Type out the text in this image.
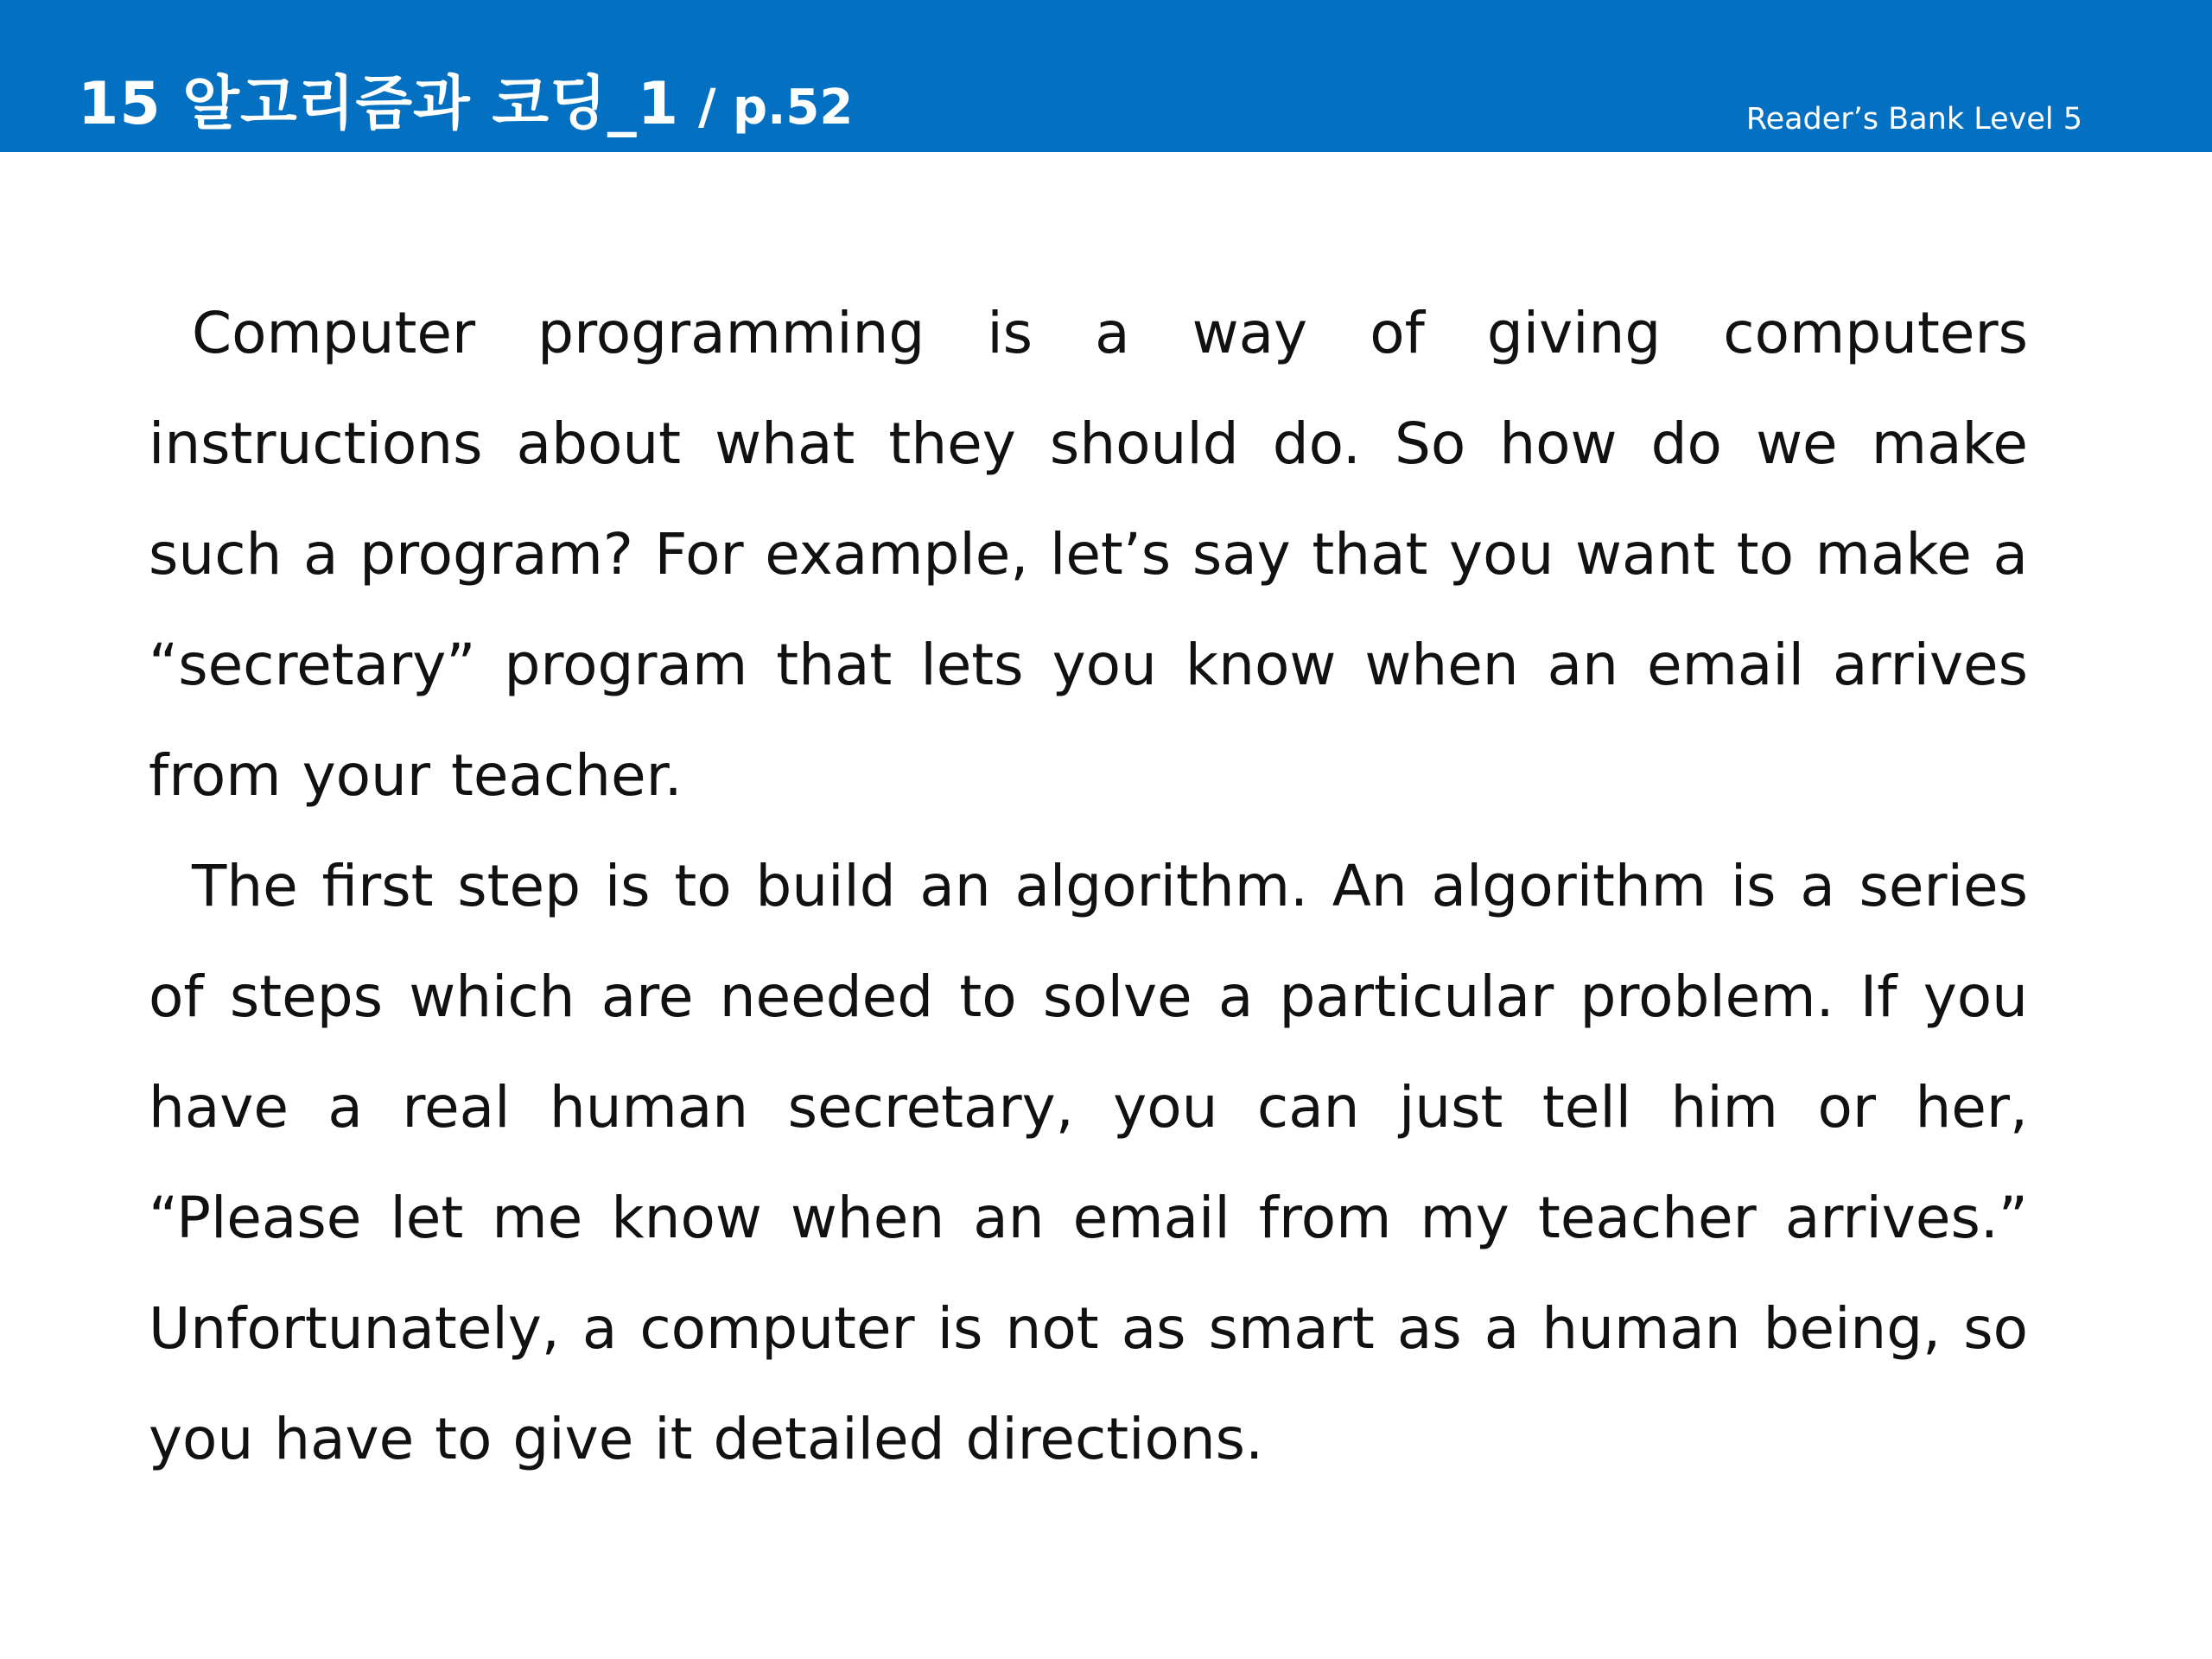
15 알고리즘과 코딩_1 / p.52	Reader’s Bank Level 5

Computer programming is a way of giving computers instructions about what they should do. So how do we make such a program? For example, let’s say that you want to make a “secretary” program that lets you know when an email arrives from your teacher.

The first step is to build an algorithm. An algorithm is a series of steps which are needed to solve a particular problem. If you have a real human secretary, you can just tell him or her, “Please let me know when an email from my teacher arrives.” Unfortunately, a computer is not as smart as a human being, so you have to give it detailed directions.
